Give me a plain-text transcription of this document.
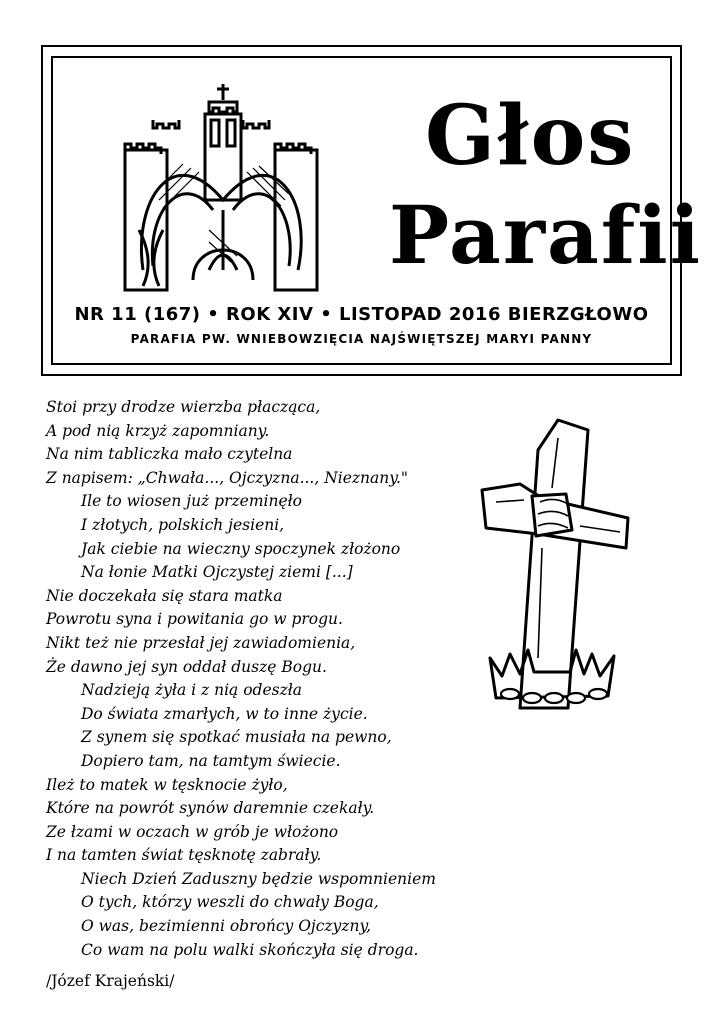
Głos
Parafii
NR 11 (167) • ROK XIV • LISTOPAD 2016 BIERZGŁOWO
PARAFIA PW. WNIEBOWZIĘCIA NAJŚWIĘTSZEJ MARYI PANNY
Stoi przy drodze wierzba płacząca,
A pod nią krzyż zapomniany.
Na nim tabliczka mało czytelna
Z napisem: „Chwała..., Ojczyzna..., Nieznany."
Ile to wiosen już przeminęło
I złotych, polskich jesieni,
Jak ciebie na wieczny spoczynek złożono
Na łonie Matki Ojczystej ziemi [...]
Nie doczekała się stara matka
Powrotu syna i powitania go w progu.
Nikt też nie przesłał jej zawiadomienia,
Że dawno jej syn oddał duszę Bogu.
Nadzieją żyła i z nią odeszła
Do świata zmarłych, w to inne życie.
Z synem się spotkać musiała na pewno,
Dopiero tam, na tamtym świecie.
Ileż to matek w tęsknocie żyło,
Które na powrót synów daremnie czekały.
Ze łzami w oczach w grób je włożono
I na tamten świat tęsknotę zabrały.
Niech Dzień Zaduszny będzie wspomnieniem
O tych, którzy weszli do chwały Boga,
O was, bezimienni obrońcy Ojczyzny,
Co wam na polu walki skończyła się droga.
/Józef Krajeński/
